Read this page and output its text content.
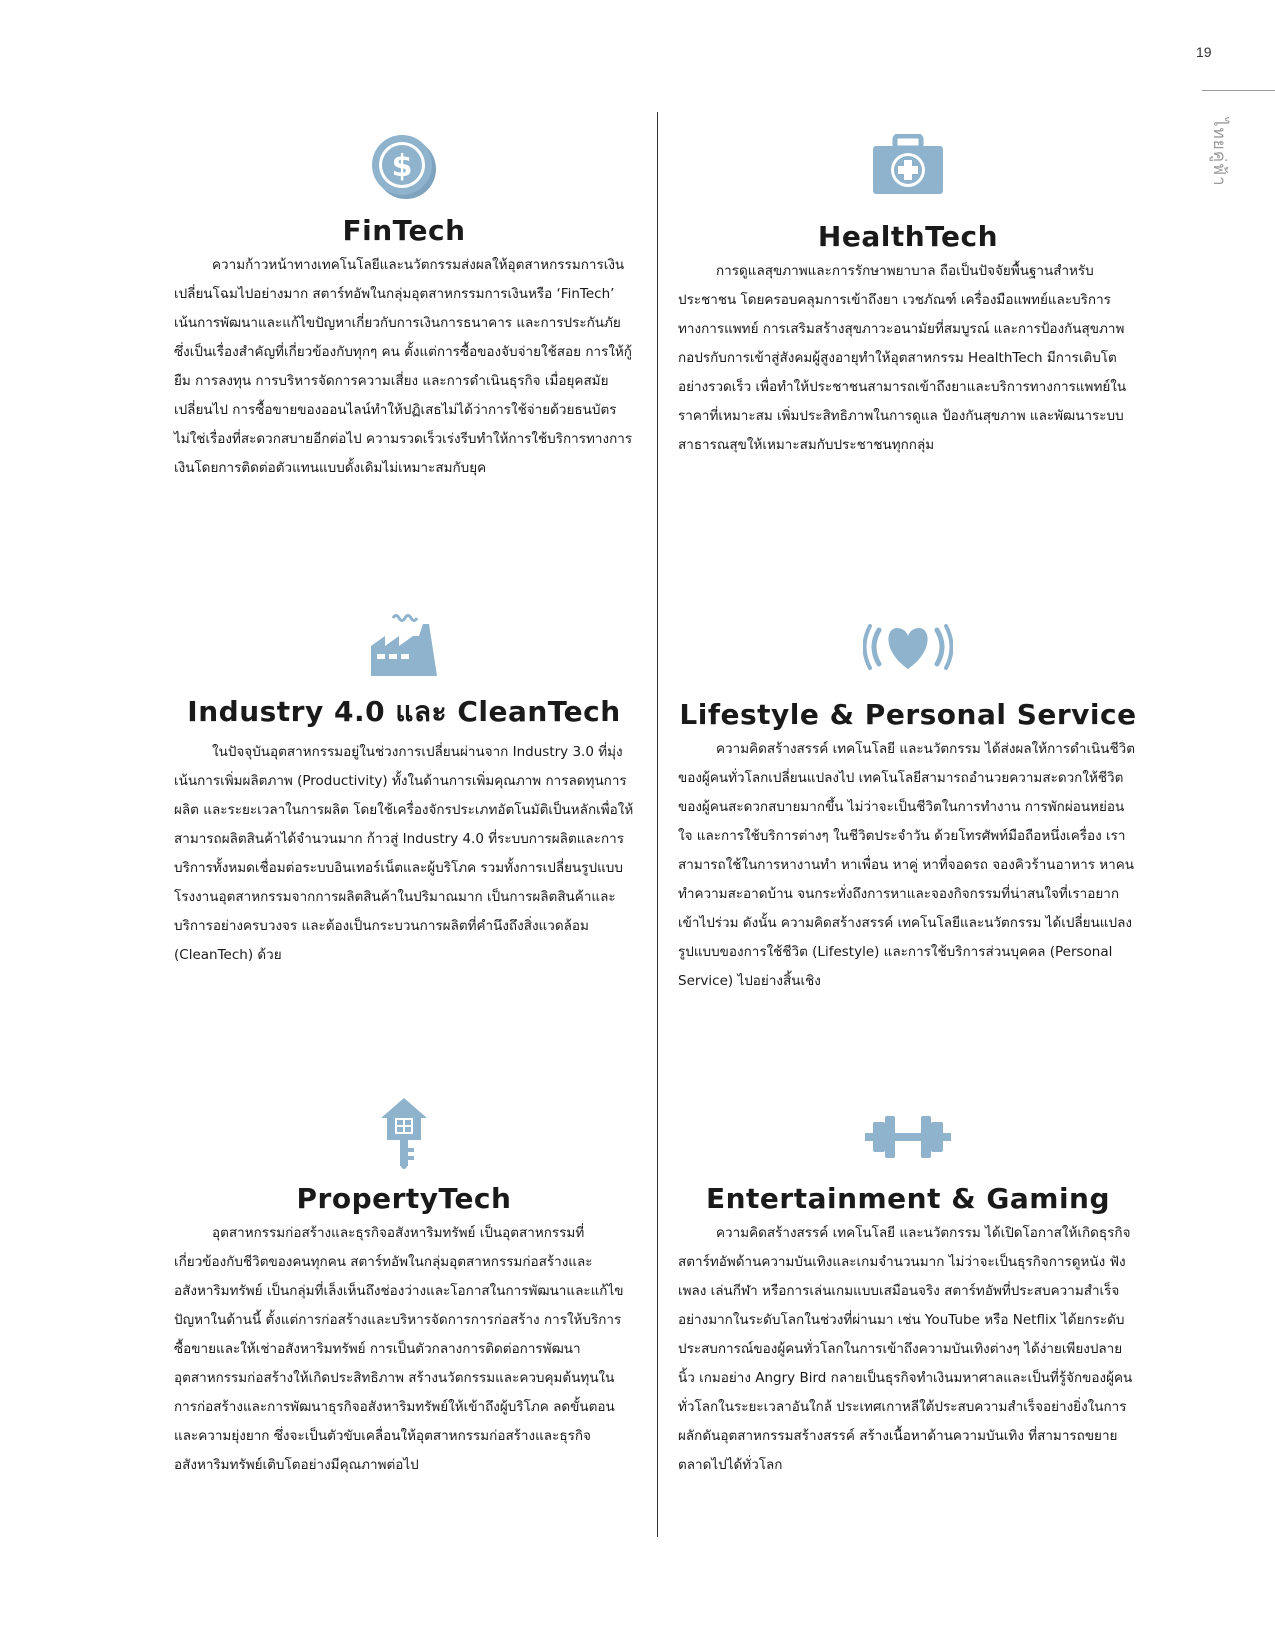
19
ไทยคู่ฟ้า
$
FinTech

ความก้าวหน้าทางเทคโนโลยีและนวัตกรรมส่งผลให้อุตสาหกรรมการเงินเปลี่ยนโฉมไปอย่างมาก สตาร์ทอัพในกลุ่มอุตสาหกรรมการเงินหรือ ‘FinTech’ เน้นการพัฒนาและแก้ไขปัญหาเกี่ยวกับการเงินการธนาคาร และการประกันภัย ซึ่งเป็นเรื่องสำคัญที่เกี่ยวข้องกับทุกๆ คน ตั้งแต่การซื้อของจับจ่ายใช้สอย การให้กู้ยืม การลงทุน การบริหารจัดการความเสี่ยง และการดำเนินธุรกิจ เมื่อยุคสมัยเปลี่ยนไป การซื้อขายของออนไลน์ทำให้ปฏิเสธไม่ได้ว่าการใช้จ่ายด้วยธนบัตรไม่ใช่เรื่องที่สะดวกสบายอีกต่อไป ความรวดเร็วเร่งรีบทำให้การใช้บริการทางการเงินโดยการติดต่อตัวแทนแบบดั้งเดิมไม่เหมาะสมกับยุค

HealthTech

การดูแลสุขภาพและการรักษาพยาบาล ถือเป็นปัจจัยพื้นฐานสำหรับประชาชน โดยครอบคลุมการเข้าถึงยา เวชภัณฑ์ เครื่องมือแพทย์และบริการทางการแพทย์ การเสริมสร้างสุขภาวะอนามัยที่สมบูรณ์ และการป้องกันสุขภาพ กอปรกับการเข้าสู่สังคมผู้สูงอายุทำให้อุตสาหกรรม HealthTech มีการเติบโตอย่างรวดเร็ว เพื่อทำให้ประชาชนสามารถเข้าถึงยาและบริการทางการแพทย์ในราคาที่เหมาะสม เพิ่มประสิทธิภาพในการดูแล ป้องกันสุขภาพ และพัฒนาระบบสาธารณสุขให้เหมาะสมกับประชาชนทุกกลุ่ม

Industry 4.0 และ CleanTech

ในปัจจุบันอุตสาหกรรมอยู่ในช่วงการเปลี่ยนผ่านจาก Industry 3.0 ที่มุ่งเน้นการเพิ่มผลิตภาพ (Productivity) ทั้งในด้านการเพิ่มคุณภาพ การลดทุนการผลิต และระยะเวลาในการผลิต โดยใช้เครื่องจักรประเภทอัตโนมัติเป็นหลักเพื่อให้สามารถผลิตสินค้าได้จำนวนมาก ก้าวสู่ Industry 4.0 ที่ระบบการผลิตและการบริการทั้งหมดเชื่อมต่อระบบอินเทอร์เน็ตและผู้บริโภค รวมทั้งการเปลี่ยนรูปแบบโรงงานอุตสาหกรรมจากการผลิตสินค้าในปริมาณมาก เป็นการผลิตสินค้าและบริการอย่างครบวงจร และต้องเป็นกระบวนการผลิตที่คำนึงถึงสิ่งแวดล้อม (CleanTech) ด้วย

Lifestyle & Personal Service

ความคิดสร้างสรรค์ เทคโนโลยี และนวัตกรรม ได้ส่งผลให้การดำเนินชีวิตของผู้คนทั่วโลกเปลี่ยนแปลงไป เทคโนโลยีสามารถอำนวยความสะดวกให้ชีวิตของผู้คนสะดวกสบายมากขึ้น ไม่ว่าจะเป็นชีวิตในการทำงาน การพักผ่อนหย่อนใจ และการใช้บริการต่างๆ ในชีวิตประจำวัน ด้วยโทรศัพท์มือถือหนึ่งเครื่อง เราสามารถใช้ในการหางานทำ หาเพื่อน หาคู่ หาที่จอดรถ จองคิวร้านอาหาร หาคนทำความสะอาดบ้าน จนกระทั่งถึงการหาและจองกิจกรรมที่น่าสนใจที่เราอยากเข้าไปร่วม ดังนั้น ความคิดสร้างสรรค์ เทคโนโลยีและนวัตกรรม ได้เปลี่ยนแปลงรูปแบบของการใช้ชีวิต (Lifestyle) และการใช้บริการส่วนบุคคล (Personal Service) ไปอย่างสิ้นเชิง

PropertyTech

อุตสาหกรรมก่อสร้างและธุรกิจอสังหาริมทรัพย์ เป็นอุตสาหกรรมที่เกี่ยวข้องกับชีวิตของคนทุกคน สตาร์ทอัพในกลุ่มอุตสาหกรรมก่อสร้างและอสังหาริมทรัพย์ เป็นกลุ่มที่เล็งเห็นถึงช่องว่างและโอกาสในการพัฒนาและแก้ไขปัญหาในด้านนี้ ตั้งแต่การก่อสร้างและบริหารจัดการการก่อสร้าง การให้บริการซื้อขายและให้เช่าอสังหาริมทรัพย์ การเป็นตัวกลางการติดต่อการพัฒนาอุตสาหกรรมก่อสร้างให้เกิดประสิทธิภาพ สร้างนวัตกรรมและควบคุมต้นทุนในการก่อสร้างและการพัฒนาธุรกิจอสังหาริมทรัพย์ให้เข้าถึงผู้บริโภค ลดขั้นตอนและความยุ่งยาก ซึ่งจะเป็นตัวขับเคลื่อนให้อุตสาหกรรมก่อสร้างและธุรกิจอสังหาริมทรัพย์เติบโตอย่างมีคุณภาพต่อไป

Entertainment & Gaming

ความคิดสร้างสรรค์ เทคโนโลยี และนวัตกรรม ได้เปิดโอกาสให้เกิดธุรกิจสตาร์ทอัพด้านความบันเทิงและเกมจำนวนมาก ไม่ว่าจะเป็นธุรกิจการดูหนัง ฟังเพลง เล่นกีฬา หรือการเล่นเกมแบบเสมือนจริง สตาร์ทอัพที่ประสบความสำเร็จอย่างมากในระดับโลกในช่วงที่ผ่านมา เช่น YouTube หรือ Netflix ได้ยกระดับประสบการณ์ของผู้คนทั่วโลกในการเข้าถึงความบันเทิงต่างๆ ได้ง่ายเพียงปลายนิ้ว เกมอย่าง Angry Bird กลายเป็นธุรกิจทำเงินมหาศาลและเป็นที่รู้จักของผู้คนทั่วโลกในระยะเวลาอันใกล้ ประเทศเกาหลีใต้ประสบความสำเร็จอย่างยิ่งในการผลักดันอุตสาหกรรมสร้างสรรค์ สร้างเนื้อหาด้านความบันเทิง ที่สามารถขยายตลาดไปได้ทั่วโลก
